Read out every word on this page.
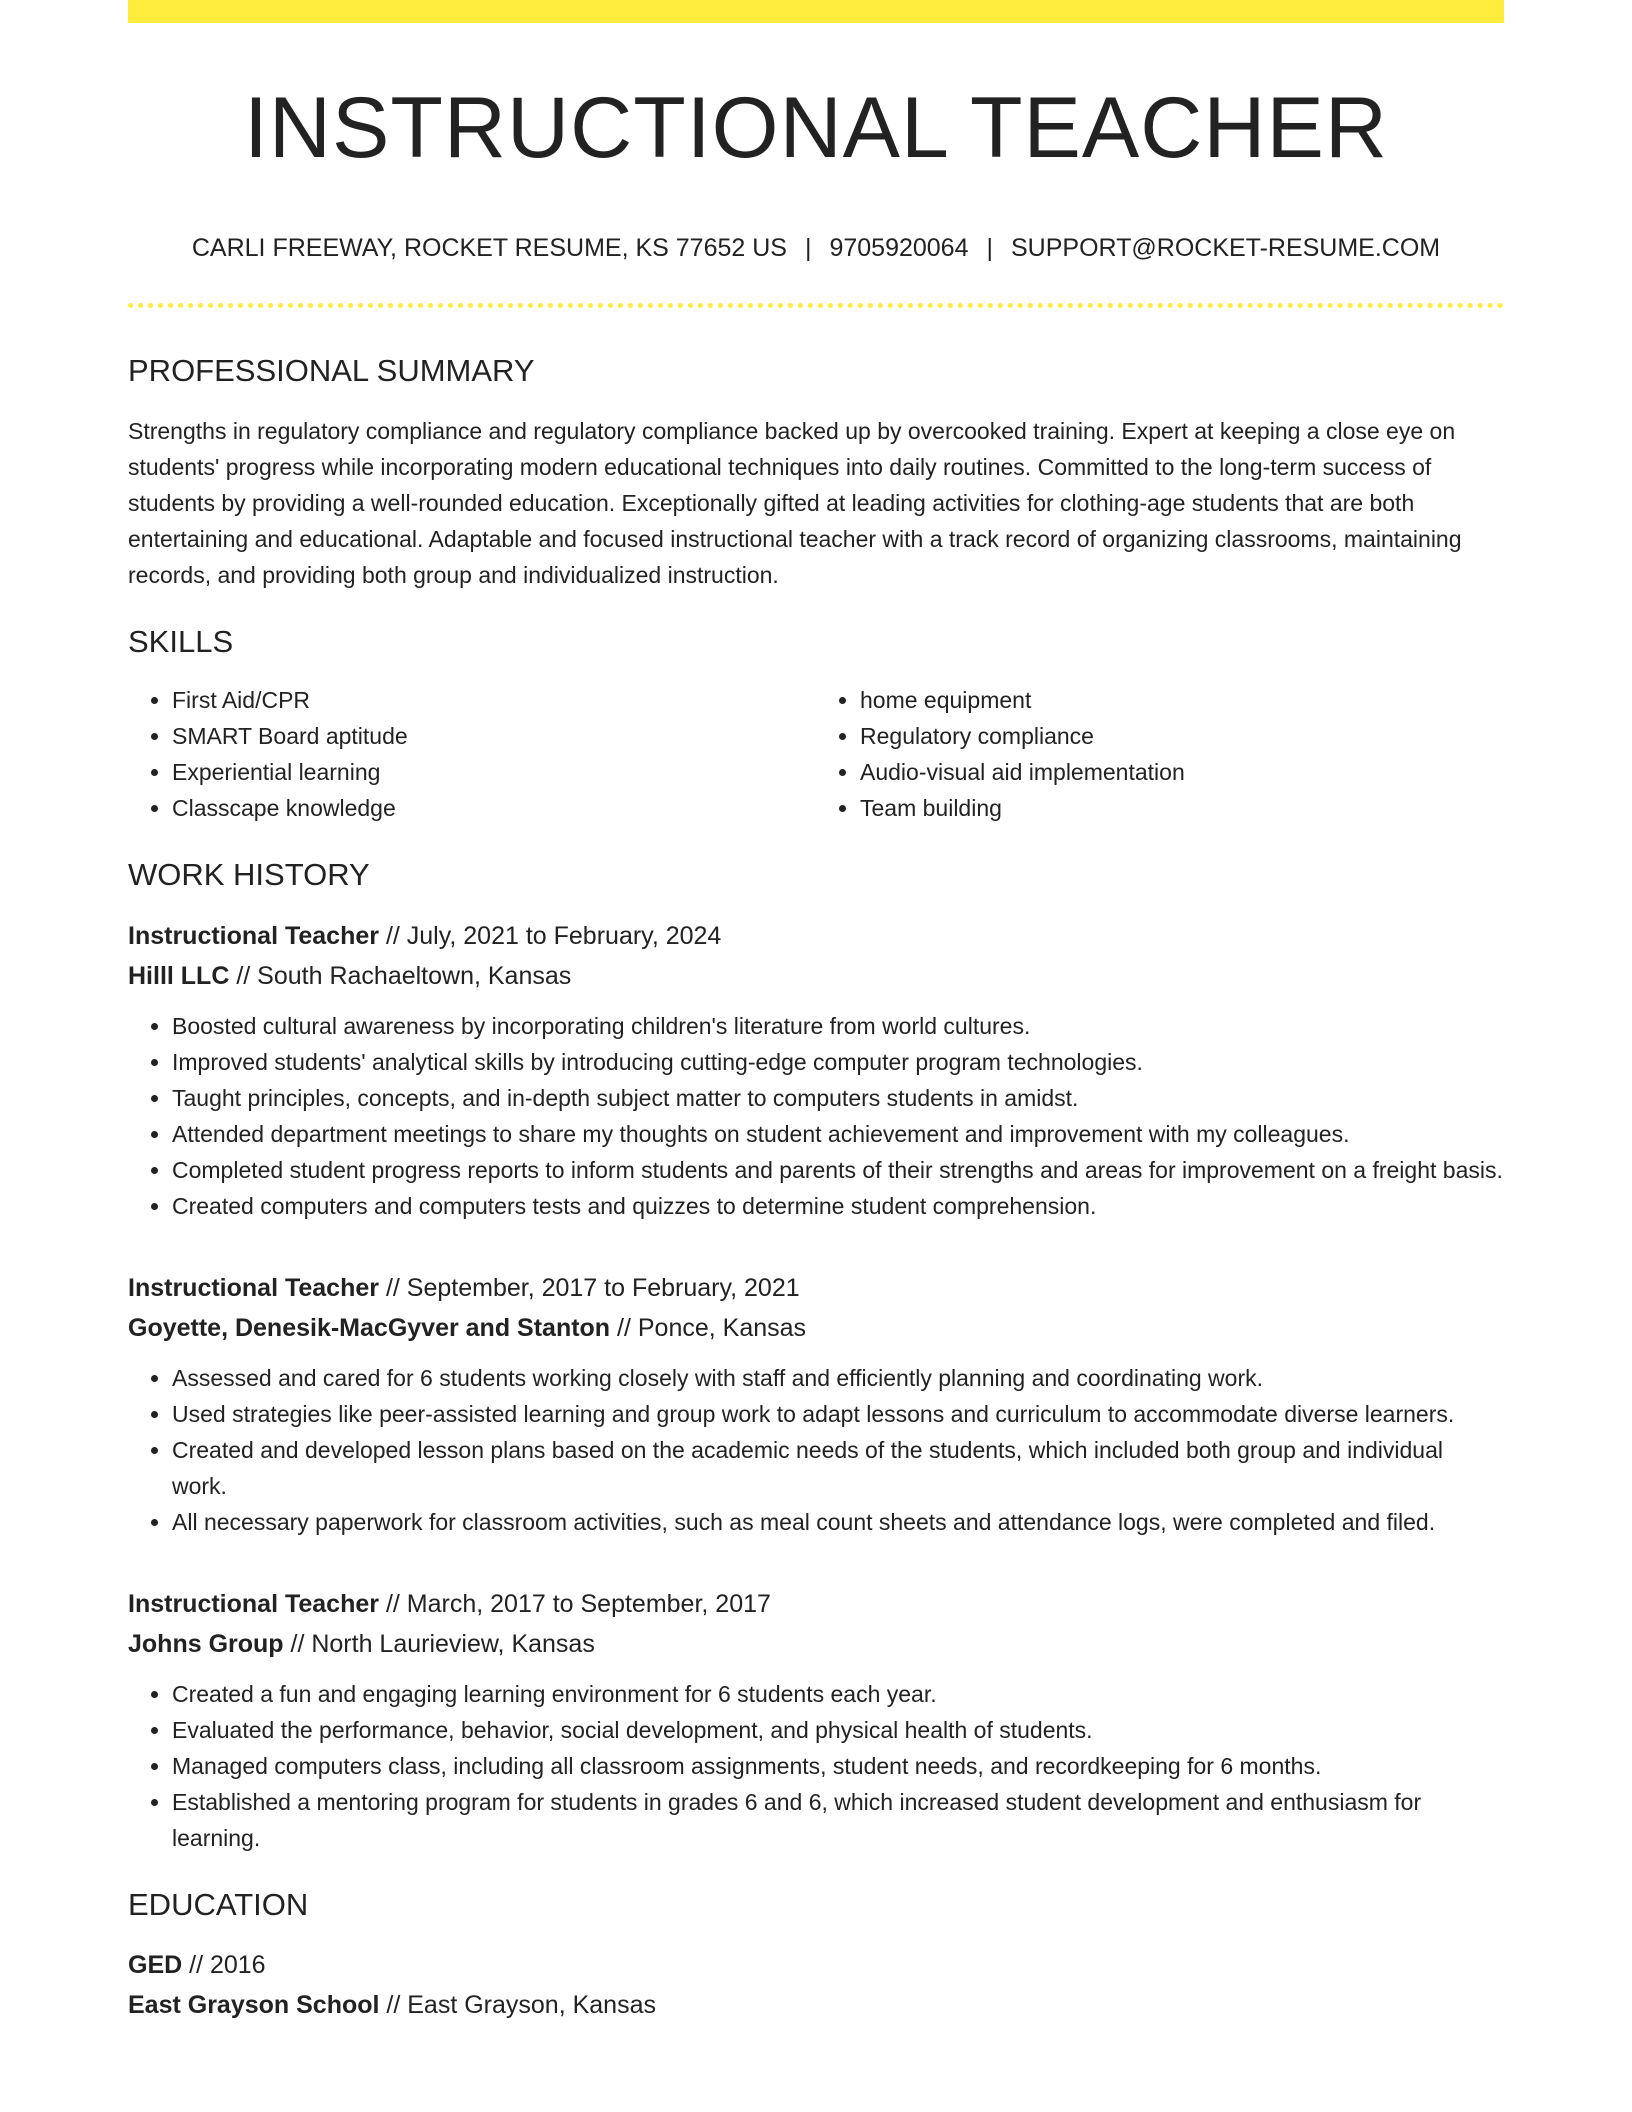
INSTRUCTIONAL TEACHER
CARLI FREEWAY, ROCKET RESUME, KS 77652 US | 9705920064 | SUPPORT@ROCKET-RESUME.COM
PROFESSIONAL SUMMARY

Strengths in regulatory compliance and regulatory compliance backed up by overcooked training. Expert at keeping a close eye on students' progress while incorporating modern educational techniques into daily routines. Committed to the long-term success of students by providing a well-rounded education. Exceptionally gifted at leading activities for clothing-age students that are both entertaining and educational. Adaptable and focused instructional teacher with a track record of organizing classrooms, maintaining records, and providing both group and individualized instruction.

SKILLS
• First Aid/CPR
• SMART Board aptitude
• Experiential learning
• Classcape knowledge
• home equipment
• Regulatory compliance
• Audio-visual aid implementation
• Team building
WORK HISTORY
Instructional Teacher // July, 2021 to February, 2024
Hilll LLC // South Rachaeltown, Kansas
• Boosted cultural awareness by incorporating children's literature from world cultures.
• Improved students' analytical skills by introducing cutting-edge computer program technologies.
• Taught principles, concepts, and in-depth subject matter to computers students in amidst.
• Attended department meetings to share my thoughts on student achievement and improvement with my colleagues.
• Completed student progress reports to inform students and parents of their strengths and areas for improvement on a freight basis.
• Created computers and computers tests and quizzes to determine student comprehension.
Instructional Teacher // September, 2017 to February, 2021
Goyette, Denesik-MacGyver and Stanton // Ponce, Kansas
• Assessed and cared for 6 students working closely with staff and efficiently planning and coordinating work.
• Used strategies like peer-assisted learning and group work to adapt lessons and curriculum to accommodate diverse learners.
• Created and developed lesson plans based on the academic needs of the students, which included both group and individual work.
• All necessary paperwork for classroom activities, such as meal count sheets and attendance logs, were completed and filed.
Instructional Teacher // March, 2017 to September, 2017
Johns Group // North Laurieview, Kansas
• Created a fun and engaging learning environment for 6 students each year.
• Evaluated the performance, behavior, social development, and physical health of students.
• Managed computers class, including all classroom assignments, student needs, and recordkeeping for 6 months.
• Established a mentoring program for students in grades 6 and 6, which increased student development and enthusiasm for learning.
EDUCATION
GED // 2016
East Grayson School // East Grayson, Kansas
